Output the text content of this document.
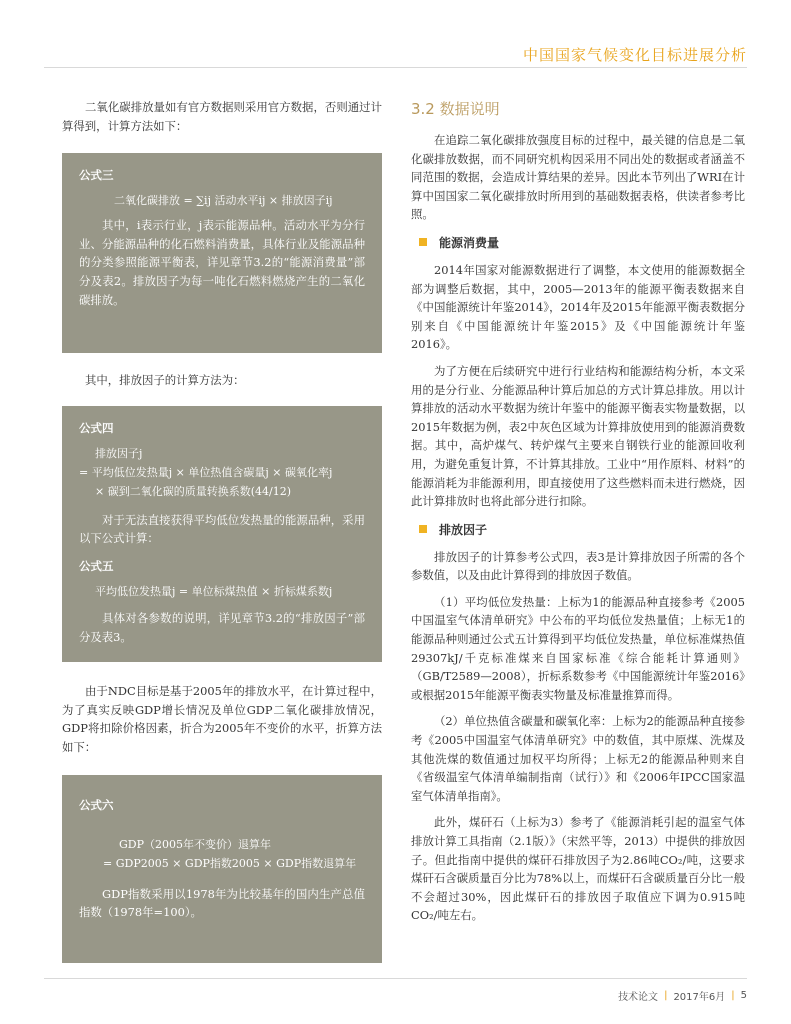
中国国家气候变化目标进展分析

二氧化碳排放量如有官方数据则采用官方数据，否则通过计算得到，计算方法如下：

公式三
二氧化碳排放 = ∑ij 活动水平ij × 排放因子ij

其中，i表示行业，j表示能源品种。活动水平为分行业、分能源品种的化石燃料消费量，具体行业及能源品种的分类参照能源平衡表，详见章节3.2的“能源消费量”部分及表2。排放因子为每一吨化石燃料燃烧产生的二氧化碳排放。

其中，排放因子的计算方法为：

公式四
排放因子j
= 平均低位发热量j × 单位热值含碳量j × 碳氧化率j
× 碳到二氧化碳的质量转换系数(44/12)

对于无法直接获得平均低位发热量的能源品种，采用以下公式计算：

公式五
平均低位发热量j = 单位标煤热值 × 折标煤系数j

具体对各参数的说明，详见章节3.2的“排放因子”部分及表3。

由于NDC目标是基于2005年的排放水平，在计算过程中，为了真实反映GDP增长情况及单位GDP二氧化碳排放情况，GDP将扣除价格因素，折合为2005年不变价的水平，折算方法如下：

公式六
GDP（2005年不变价）退算年
= GDP2005 × GDP指数2005 × GDP指数退算年

GDP指数采用以1978年为比较基年的国内生产总值指数（1978年=100）。

3.2 数据说明

在追踪二氧化碳排放强度目标的过程中，最关键的信息是二氧化碳排放数据，而不同研究机构因采用不同出处的数据或者涵盖不同范围的数据，会造成计算结果的差异。因此本节列出了WRI在计算中国国家二氧化碳排放时所用到的基础数据表格，供读者参考比照。

能源消费量

2014年国家对能源数据进行了调整，本文使用的能源数据全部为调整后数据，其中，2005—2013年的能源平衡表数据来自《中国能源统计年鉴2014》，2014年及2015年能源平衡表数据分别来自《中国能源统计年鉴2015》及《中国能源统计年鉴2016》。

为了方便在后续研究中进行行业结构和能源结构分析，本文采用的是分行业、分能源品种计算后加总的方式计算总排放。用以计算排放的活动水平数据为统计年鉴中的能源平衡表实物量数据，以2015年数据为例，表2中灰色区域为计算排放使用到的能源消费数据。其中，高炉煤气、转炉煤气主要来自钢铁行业的能源回收利用，为避免重复计算，不计算其排放。工业中“用作原料、材料”的能源消耗为非能源利用，即直接使用了这些燃料而未进行燃烧，因此计算排放时也将此部分进行扣除。

排放因子

排放因子的计算参考公式四，表3是计算排放因子所需的各个参数值，以及由此计算得到的排放因子数值。

（1）平均低位发热量：上标为1的能源品种直接参考《2005中国温室气体清单研究》中公布的平均低位发热量值；上标无1的能源品种则通过公式五计算得到平均低位发热量，单位标准煤热值29307kJ/千克标准煤来自国家标准《综合能耗计算通则》（GB/T2589—2008），折标系数参考《中国能源统计年鉴2016》或根据2015年能源平衡表实物量及标准量推算而得。

（2）单位热值含碳量和碳氧化率：上标为2的能源品种直接参考《2005中国温室气体清单研究》中的数值，其中原煤、洗煤及其他洗煤的数值通过加权平均所得；上标无2的能源品种则来自《省级温室气体清单编制指南（试行）》和《2006年IPCC国家温室气体清单指南》。

此外，煤矸石（上标为3）参考了《能源消耗引起的温室气体排放计算工具指南（2.1版）》（宋然平等，2013）中提供的排放因子。但此指南中提供的煤矸石排放因子为2.86吨CO₂/吨，这要求煤矸石含碳质量百分比为78%以上，而煤矸石含碳质量百分比一般不会超过30%，因此煤矸石的排放因子取值应下调为0.915吨CO₂/吨左右。

技术论文 | 2017年6月 | 5
